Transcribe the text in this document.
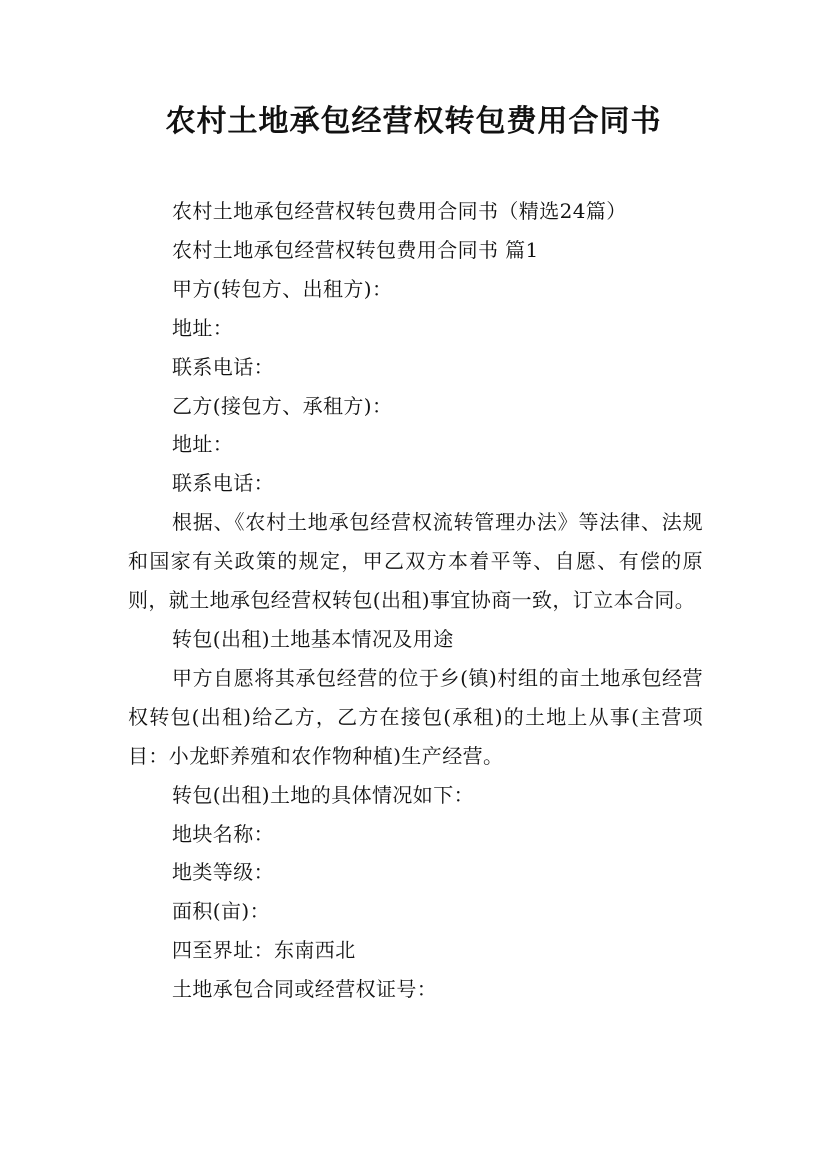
农村土地承包经营权转包费用合同书

农村土地承包经营权转包费用合同书（精选24篇）

农村土地承包经营权转包费用合同书 篇1

甲方(转包方、出租方)：

地址：

联系电话：

乙方(接包方、承租方)：

地址：

联系电话：

根据、《农村土地承包经营权流转管理办法》等法律、法规和国家有关政策的规定，甲乙双方本着平等、自愿、有偿的原则，就土地承包经营权转包(出租)事宜协商一致，订立本合同。

转包(出租)土地基本情况及用途

甲方自愿将其承包经营的位于乡(镇)村组的亩土地承包经营权转包(出租)给乙方，乙方在接包(承租)的土地上从事(主营项目：小龙虾养殖和农作物种植)生产经营。

转包(出租)土地的具体情况如下：

地块名称：

地类等级：

面积(亩)：

四至界址：东南西北

土地承包合同或经营权证号：
